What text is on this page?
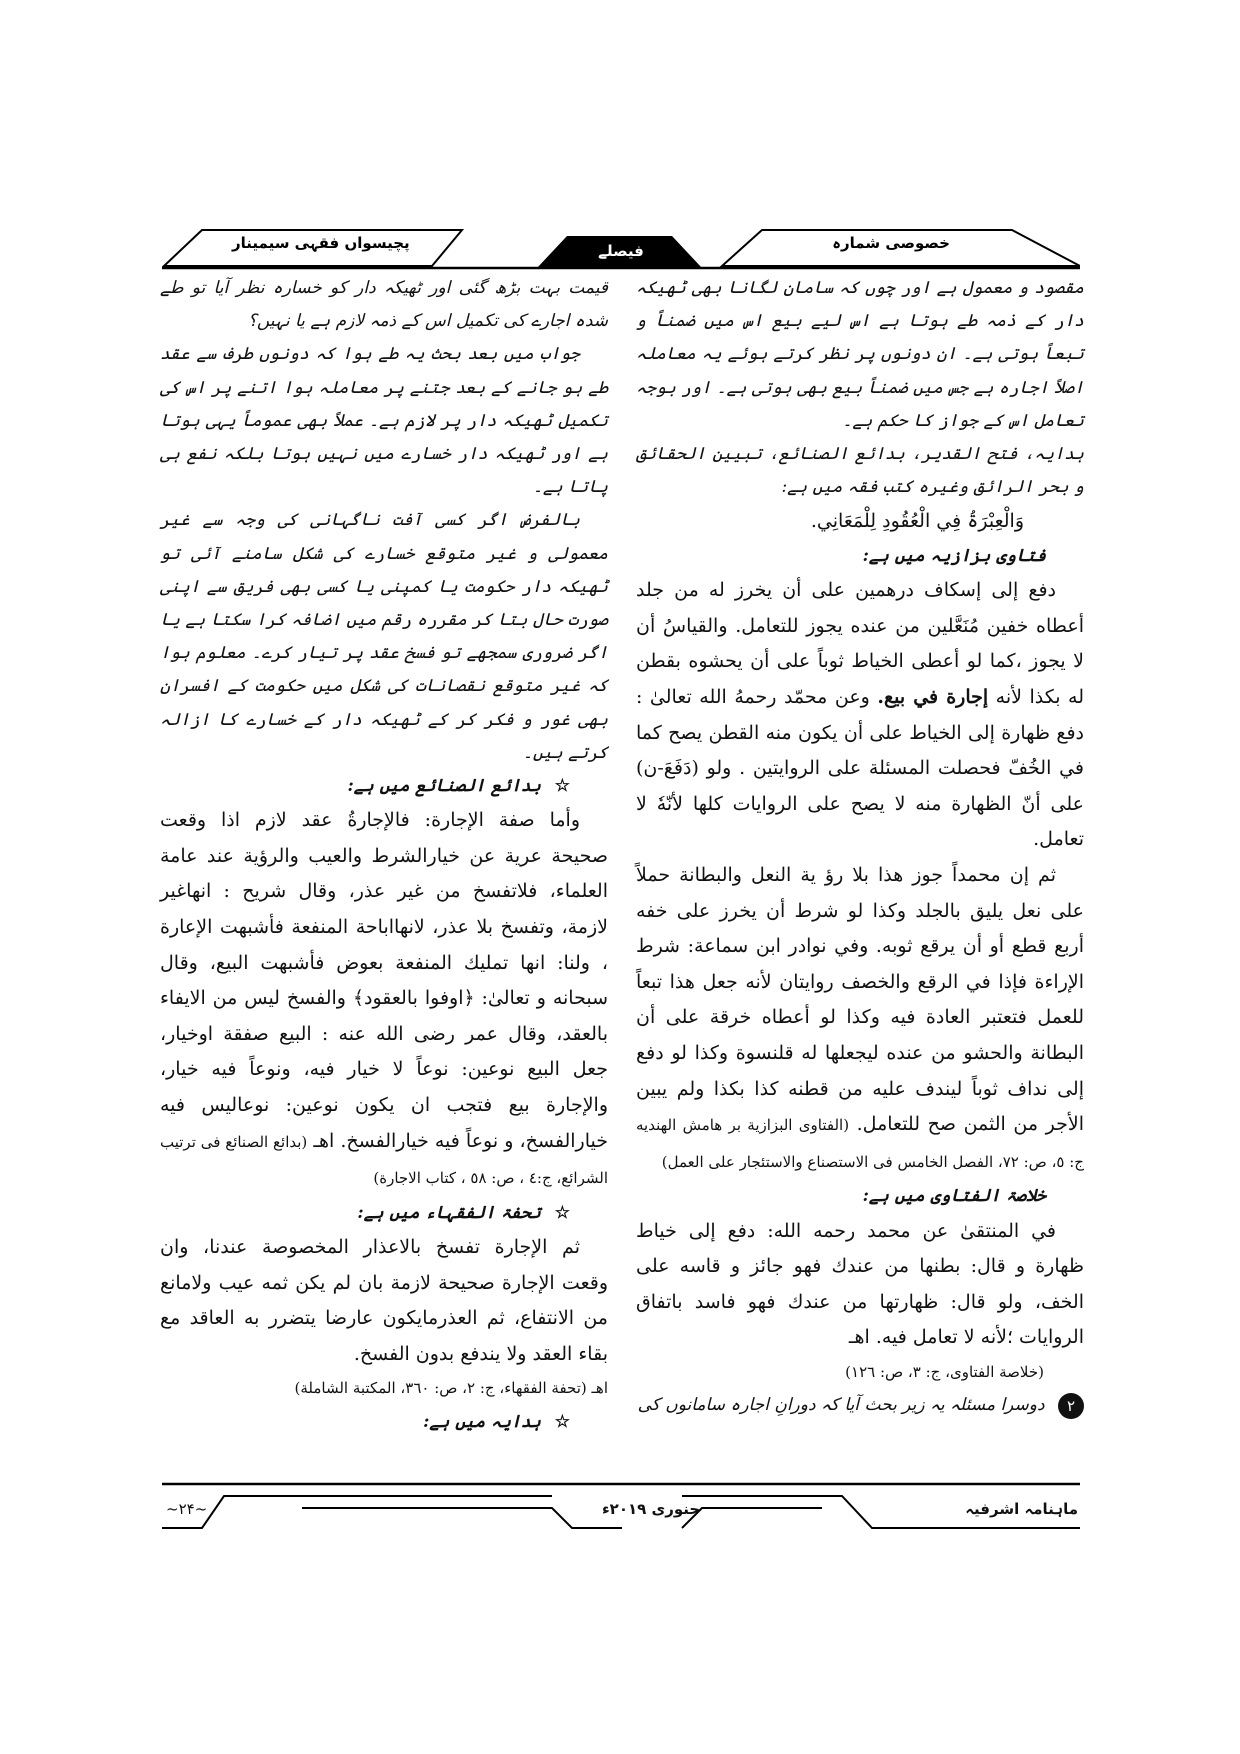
خصوصی شمارہ
فیصلے
پچیسواں فقہی سیمینار

مقصود و معمول ہے اور چوں کہ سامان لگانا بھی ٹھیکہ دار کے ذمہ طے ہوتا ہے اس لیے بیع اس میں ضمناً و تبعاً ہوتی ہے۔ ان دونوں پر نظر کرتے ہوئے یہ معاملہ اصلاً اجارہ ہے جس میں ضمناً بیع بھی ہوتی ہے۔ اور بوجہ تعامل اس کے جواز کا حکم ہے۔

ہدایہ، فتح القدیر، بدائع الصنائع، تبیین الحقائق و بحر الرائق وغیرہ کتب فقہ میں ہے:

وَالْعِبْرَۃُ فِي الْعُقُودِ لِلْمَعَانِي.

فتاوی بزازیہ میں ہے:

دفع إلى إسكاف درهمين على أن يخرز له من جلد أعطاه خفين مُنَعَّلين من عنده يجوز للتعامل. والقياسُ أن لا يجوز ،كما لو أعطى الخياط ثوباً على أن يحشوه بقطن له بكذا لأنه إجارة في بيع. وعن محمّد رحمهُ الله تعالىٰ : دفع ظهارة إلى الخياط على أن يكون منه القطن يصح كما في الخُفّ فحصلت المسئلة على الروايتين . ولو (دَفَعَ-ن) على أنّ الظهارة منه لا يصح على الروايات كلها لأنّهٗ لا تعامل.

ثم إن محمداً جوز هذا بلا رؤ ية النعل والبطانة حملاً على نعل يليق بالجلد وكذا لو شرط أن يخرز على خفه أربع قطع أو أن يرقع ثوبه. وفي نوادر ابن سماعة: شرط الإراءة فإذا في الرقع والخصف روايتان لأنه جعل هذا تبعاً للعمل فتعتبر العادة فيه وكذا لو أعطاه خرقة على أن البطانة والحشو من عنده ليجعلها له قلنسوة وكذا لو دفع إلى نداف ثوباً ليندف عليه من قطنه كذا بكذا ولم يبين الأجر من الثمن صح للتعامل. (الفتاوى البزازية بر هامش الهنديه ج: ٥، ص: ٧٢، الفصل الخامس فى الاستصناع والاستئجار على العمل)

خلاصۃ الفتاوی میں ہے:

في المنتقىٰ عن محمد رحمه الله: دفع إلى خياط ظهارة و قال: بطنها من عندك فهو جائز و قاسه على الخف، ولو قال: ظهارتها من عندك فهو فاسد باتفاق الروايات ؛لأنه لا تعامل فيه. اهـ

(خلاصة الفتاوى، ج: ٣، ص: ١٢٦)

۲ دوسرا مسئلہ یہ زیر بحث آیا کہ دورانِ اجارہ سامانوں کی

قیمت بہت بڑھ گئی اور ٹھیکہ دار کو خسارہ نظر آیا تو طے شدہ اجارے کی تکمیل اس کے ذمہ لازم ہے یا نہیں؟

جواب میں بعد بحث یہ طے ہوا کہ دونوں طرف سے عقد طے ہو جانے کے بعد جتنے پر معاملہ ہوا اتنے پر اس کی تکمیل ٹھیکہ دار پر لازم ہے۔ عملاً بھی عموماً یہی ہوتا ہے اور ٹھیکہ دار خسارے میں نہیں ہوتا بلکہ نفع ہی پاتا ہے۔

بالفرض اگر کسی آفت ناگہانی کی وجہ سے غیر معمولی و غیر متوقع خسارے کی شکل سامنے آئی تو ٹھیکہ دار حکومت یا کمپنی یا کسی بھی فریق سے اپنی صورت حال بتا کر مقررہ رقم میں اضافہ کرا سکتا ہے یا اگر ضروری سمجھے تو فسخ عقد پر تیار کرے۔ معلوم ہوا کہ غیر متوقع نقصانات کی شکل میں حکومت کے افسران بھی غور و فکر کر کے ٹھیکہ دار کے خسارے کا ازالہ کرتے ہیں۔

☆ بدائع الصنائع میں ہے:

وأما صفة الإجارة: فالإجارةُ عقد لازم اذا وقعت صحيحة عرية عن خيارالشرط والعيب والرؤية عند عامة العلماء، فلاتفسخ من غير عذر، وقال شريح : انهاغير لازمة، وتفسخ بلا عذر، لانهااباحة المنفعة فأشبهت الإعارة ، ولنا: انها تمليك المنفعة بعوض فأشبهت البيع، وقال سبحانه و تعالىٰ: ﴿اوفوا بالعقود﴾ والفسخ ليس من الايفاء بالعقد، وقال عمر رضى الله عنه : البيع صفقة اوخيار، جعل البيع نوعين: نوعاً لا خيار فيه، ونوعاً فيه خيار، والإجارة بيع فتجب ان يكون نوعين: نوعاليس فيه خيارالفسخ، و نوعاً فيه خيارالفسخ. اهـ (بدائع الصنائع فى ترتيب الشرائع، ج:٤ ، ص: ٥٨ ، كتاب الاجارة)

☆ تحفۃ الفقہاء میں ہے:

ثم الإجارة تفسخ بالاعذار المخصوصة عندنا، وان وقعت الإجارة صحيحة لازمة بان لم يكن ثمه عيب ولامانع من الانتفاع، ثم العذرمايكون عارضا يتضرر به العاقد مع بقاء العقد ولا يندفع بدون الفسخ.

اهـ (تحفة الفقهاء، ج: ٢، ص: ٣٦٠، المكتبة الشاملة)

☆ ہدایہ میں ہے:

ماہنامہ اشرفیہ
جنوری ۲۰۱۹ء
~۲۴~
